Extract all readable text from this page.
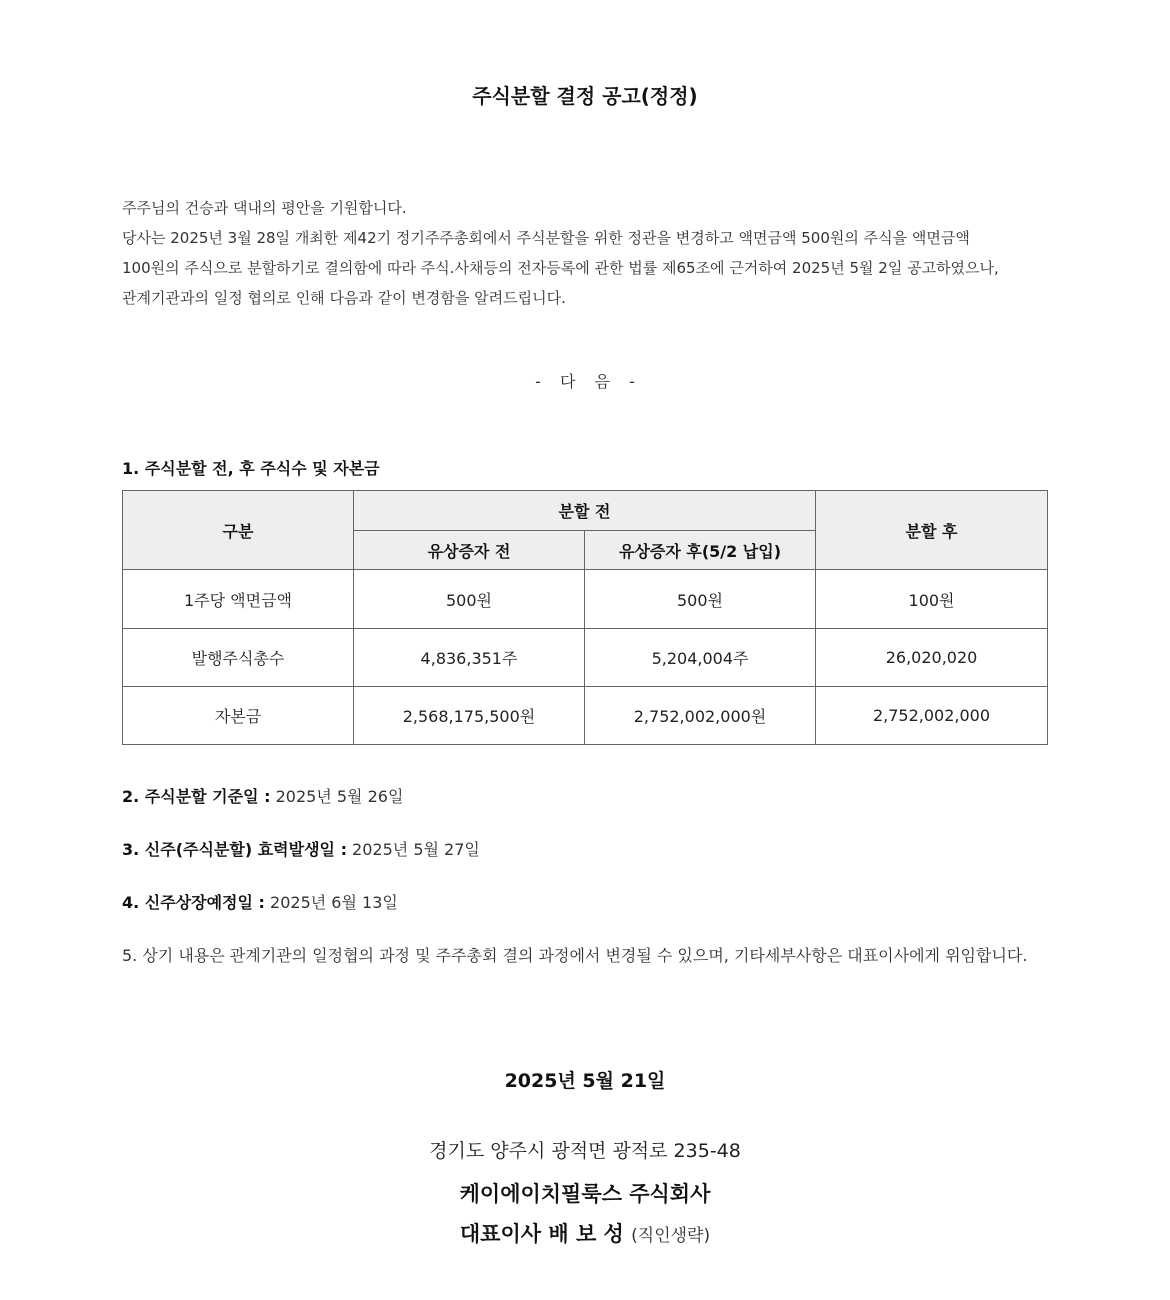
주식분할 결정 공고(정정)

주주님의 건승과 댁내의 평안을 기원합니다.

당사는 2025년 3월 28일 개최한 제42기 정기주주총회에서 주식분할을 위한 정관을 변경하고 액면금액 500원의 주식을 액면금액

100원의 주식으로 분할하기로 결의함에 따라 주식.사채등의 전자등록에 관한 법률 제65조에 근거하여 2025년 5월 2일 공고하였으나,

관계기관과의 일정 협의로 인해 다음과 같이 변경함을 알려드립니다.

- 다 음 -
1. 주식분할 전, 후 주식수 및 자본금
구분	분할 전		분할 후
	유상증자 전	유상증자 후(5/2 납입)	
1주당 액면금액	500원	500원	100원
발행주식총수	4,836,351주	5,204,004주	26,020,020
자본금	2,568,175,500원	2,752,002,000원	2,752,002,000
2. 주식분할 기준일 : 2025년 5월 26일
3. 신주(주식분할) 효력발생일 : 2025년 5월 27일
4. 신주상장예정일 : 2025년 6월 13일
5. 상기 내용은 관계기관의 일정협의 과정 및 주주총회 결의 과정에서 변경될 수 있으며, 기타세부사항은 대표이사에게 위임합니다.
2025년 5월 21일
경기도 양주시 광적면 광적로 235-48
케이에이치필룩스 주식회사
대표이사 배 보 성 (직인생략)
